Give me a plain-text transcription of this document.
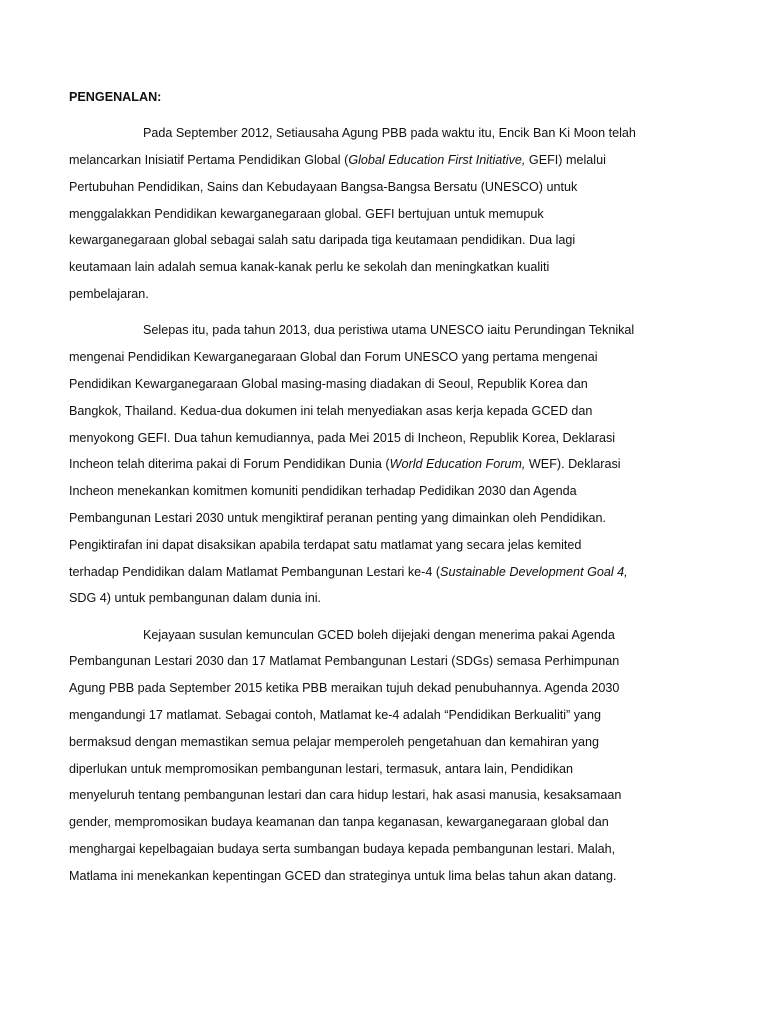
PENGENALAN:

Pada September 2012, Setiausaha Agung PBB pada waktu itu, Encik Ban Ki Moon telah
melancarkan Inisiatif Pertama Pendidikan Global (Global Education First Initiative, GEFI) melalui
Pertubuhan Pendidikan, Sains dan Kebudayaan Bangsa-Bangsa Bersatu (UNESCO) untuk
menggalakkan Pendidikan kewarganegaraan global. GEFI bertujuan untuk memupuk
kewarganegaraan global sebagai salah satu daripada tiga keutamaan pendidikan. Dua lagi
keutamaan lain adalah semua kanak-kanak perlu ke sekolah dan meningkatkan kualiti
pembelajaran.
Selepas itu, pada tahun 2013, dua peristiwa utama UNESCO iaitu Perundingan Teknikal
mengenai Pendidikan Kewarganegaraan Global dan Forum UNESCO yang pertama mengenai
Pendidikan Kewarganegaraan Global masing-masing diadakan di Seoul, Republik Korea dan
Bangkok, Thailand. Kedua-dua dokumen ini telah menyediakan asas kerja kepada GCED dan
menyokong GEFI. Dua tahun kemudiannya, pada Mei 2015 di Incheon, Republik Korea, Deklarasi
Incheon telah diterima pakai di Forum Pendidikan Dunia (World Education Forum, WEF). Deklarasi
Incheon menekankan komitmen komuniti pendidikan terhadap Pedidikan 2030 dan Agenda
Pembangunan Lestari 2030 untuk mengiktiraf peranan penting yang dimainkan oleh Pendidikan.
Pengiktirafan ini dapat disaksikan apabila terdapat satu matlamat yang secara jelas kemited
terhadap Pendidikan dalam Matlamat Pembangunan Lestari ke-4 (Sustainable Development Goal 4,
SDG 4) untuk pembangunan dalam dunia ini.
Kejayaan susulan kemunculan GCED boleh dijejaki dengan menerima pakai Agenda
Pembangunan Lestari 2030 dan 17 Matlamat Pembangunan Lestari (SDGs) semasa Perhimpunan
Agung PBB pada September 2015 ketika PBB meraikan tujuh dekad penubuhannya. Agenda 2030
mengandungi 17 matlamat. Sebagai contoh, Matlamat ke-4 adalah “Pendidikan Berkualiti” yang
bermaksud dengan memastikan semua pelajar memperoleh pengetahuan dan kemahiran yang
diperlukan untuk mempromosikan pembangunan lestari, termasuk, antara lain, Pendidikan
menyeluruh tentang pembangunan lestari dan cara hidup lestari, hak asasi manusia, kesaksamaan
gender, mempromosikan budaya keamanan dan tanpa keganasan, kewarganegaraan global dan
menghargai kepelbagaian budaya serta sumbangan budaya kepada pembangunan lestari. Malah,
Matlama ini menekankan kepentingan GCED dan strateginya untuk lima belas tahun akan datang.
